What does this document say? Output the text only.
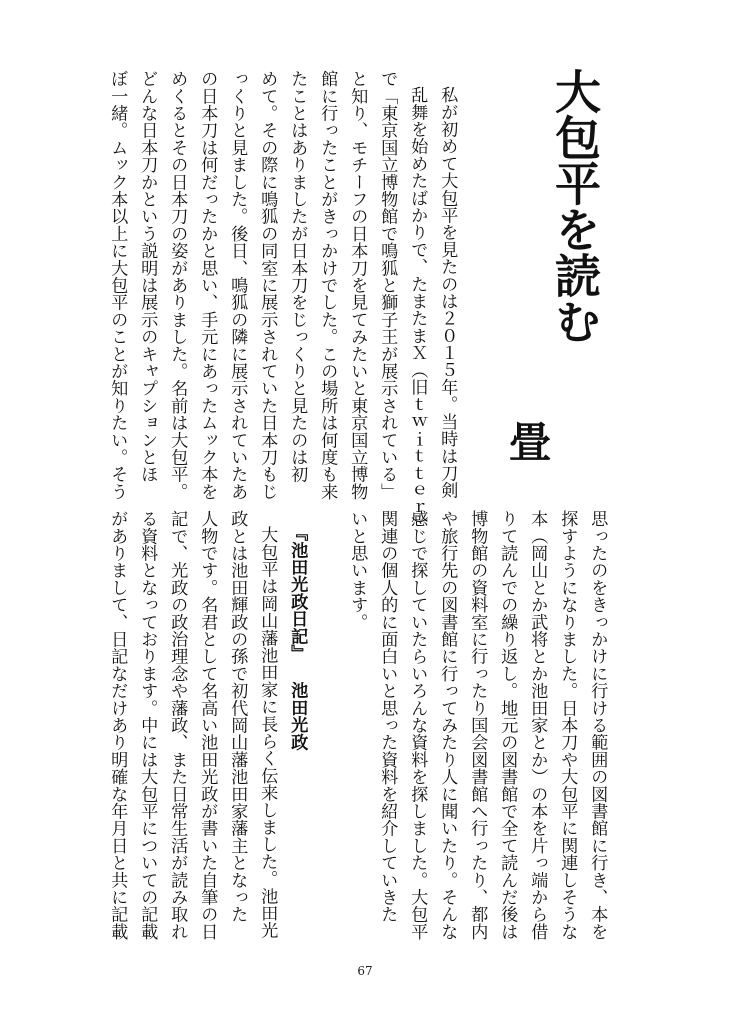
大包平を読む
畳

私が初めて大包平を見たのは２０１５年。当時は刀剣

乱舞を始めたばかりで、たまたまＸ（旧ｔｗｉｔｔｅｒ）

で「東京国立博物館で鳴狐と獅子王が展示されている」

と知り、モチーフの日本刀を見てみたいと東京国立博物

館に行ったことがきっかけでした。この場所は何度も来

たことはありましたが日本刀をじっくりと見たのは初

めて。その際に鳴狐の同室に展示されていた日本刀もじ

っくりと見ました。後日、鳴狐の隣に展示されていたあ

の日本刀は何だったかと思い、手元にあったムック本を

めくるとその日本刀の姿がありました。名前は大包平。

どんな日本刀かという説明は展示のキャプションとほ

ぼ一緒。ムック本以上に大包平のことが知りたい。そう

思ったのをきっかけに行ける範囲の図書館に行き、本を

探すようになりました。日本刀や大包平に関連しそうな

本（岡山とか武将とか池田家とか）の本を片っ端から借

りて読んでの繰り返し。地元の図書館で全て読んだ後は

博物館の資料室に行ったり国会図書館へ行ったり、都内

や旅行先の図書館に行ってみたり人に聞いたり。そんな

感じで探していたらいろんな資料を探しました。大包平

関連の個人的に面白いと思った資料を紹介していきた

いと思います。

『池田光政日記』 池田光政

大包平は岡山藩池田家に長らく伝来しました。池田光

政とは池田輝政の孫で初代岡山藩池田家藩主となった

人物です。名君として名高い池田光政が書いた自筆の日

記で、光政の政治理念や藩政、また日常生活が読み取れ

る資料となっております。中には大包平についての記載

がありまして、日記なだけあり明確な年月日と共に記載

67
